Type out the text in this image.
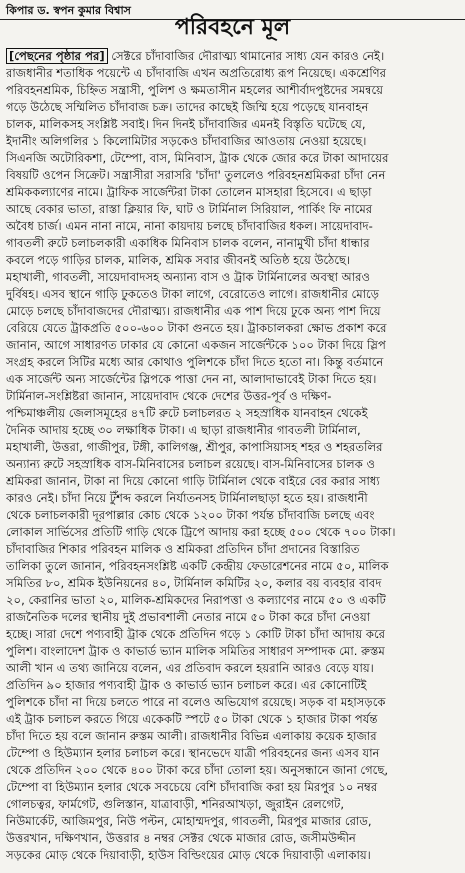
কিপার ড. স্বপন কুমার বিশ্বাস
পরিবহনে মূল
[পেছনের পৃষ্ঠার পর] সেক্টরে চাঁদাবাজির দৌরাত্ম্য থামানোর সাধ্য যেন কারও নেই।
রাজধানীর শতাধিক পয়েন্টে এ চাঁদাবাজি এখন অপ্রতিরোধ্য রূপ নিয়েছে। একশ্রেণির
পরিবহনশ্রমিক, চিহ্নিত সন্ত্রাসী, পুলিশ ও ক্ষমতাসীন মহলের আশীর্বাদপুষ্টদের সমন্বয়ে
গড়ে উঠেছে সম্মিলিত চাঁদাবাজ চক্র। তাদের কাছেই জিম্মি হয়ে পড়েছে যানবাহন
চালক, মালিকসহ সংশ্লিষ্ট সবাই। দিন দিনই চাঁদাবাজির এমনই বিস্তৃতি ঘটেছে যে,
ইদানীং অলিগলির ১ কিলোমিটার সড়কেও চাঁদাবাজির আওতায় নেওয়া হয়েছে।
সিএনজি অটোরিকশা, টেম্পো, বাস, মিনিবাস, ট্রাক থেকে জোর করে টাকা আদায়ের
বিষয়টি ওপেন সিক্রেট। সন্ত্রাসীরা সরাসরি 'চাঁদা' তুললেও পরিবহনশ্রমিকরা চাঁদা নেন
শ্রমিককল্যাণের নামে। ট্রাফিক সার্জেন্টরা টাকা তোলেন মাসহারা হিসেবে। এ ছাড়া
আছে বেকার ভাতা, রাস্তা ক্লিয়ার ফি, ঘাট ও টার্মিনাল সিরিয়াল, পার্কিং ফি নামের
অবৈধ চার্জ। এমন নানা নামে, নানা কায়দায় চলছে চাঁদাবাজির ধকল। সায়েদাবাদ-
গাবতলী রুটে চলাচলকারী একাধিক মিনিবাস চালক বলেন, নানামুখী চাঁদা ধান্ধার
কবলে পড়ে গাড়ির চালক, মালিক, শ্রমিক সবার জীবনই অতিষ্ঠ হয়ে উঠেছে।
মহাখালী, গাবতলী, সায়েদাবাদসহ অন্যান্য বাস ও ট্রাক টার্মিনালের অবস্থা আরও
দুর্বিষহ। এসব স্থানে গাড়ি ঢুকতেও টাকা লাগে, বেরোতেও লাগে। রাজধানীর মোড়ে
মোড়ে চলছে চাঁদাবাজদের দৌরাত্ম্য। রাজধানীর এক পাশ দিয়ে ঢুকে অন্য পাশ দিয়ে
বেরিয়ে যেতে ট্রাকপ্রতি ৫০০-৬০০ টাকা গুনতে হয়। ট্রাকচালকরা ক্ষোভ প্রকাশ করে
জানান, আগে সাধারণত ঢাকার যে কোনো একজন সার্জেন্টকে ১০০ টাকা দিয়ে স্লিপ
সংগ্রহ করলে সিটির মধ্যে আর কোথাও পুলিশকে চাঁদা দিতে হতো না। কিন্তু বর্তমানে
এক সার্জেন্ট অন্য সার্জেন্টের স্লিপকে পাত্তা দেন না, আলাদাভাবেই টাকা দিতে হয়।
টার্মিনাল-সংশ্লিষ্টরা জানান, সায়েদাবাদ থেকে দেশের উত্তর-পূর্ব ও দক্ষিণ-
পশ্চিমাঞ্চলীয় জেলাসমূহের ৪৭টি রুটে চলাচলরত ২ সহস্রাধিক যানবাহন থেকেই
দৈনিক আদায় হচ্ছে ৩০ লক্ষাধিক টাকা। এ ছাড়া রাজধানীর গাবতলী টার্মিনাল,
মহাখালী, উত্তরা, গাজীপুর, টঙ্গী, কালিগঞ্জ, শ্রীপুর, কাপাসিয়াসহ শহর ও শহরতলির
অন্যান্য রুটে সহস্রাধিক বাস-মিনিবাসের চলাচল রয়েছে। বাস-মিনিবাসের চালক ও
শ্রমিকরা জানান, টাকা না দিয়ে কোনো গাড়ি টার্মিনাল থেকে বাইরে বের করার সাধ্য
কারও নেই। চাঁদা নিয়ে টুঁশব্দ করলে নির্যাতনসহ টার্মিনালছাড়া হতে হয়। রাজধানী
থেকে চলাচলকারী দূরপাল্লার কোচ থেকে ১২০০ টাকা পর্যন্ত চাঁদাবাজি চলছে এবং
লোকাল সার্ভিসের প্রতিটি গাড়ি থেকে ট্রিপে আদায় করা হচ্ছে ৫০০ থেকে ৭০০ টাকা।
চাঁদাবাজির শিকার পরিবহন মালিক ও শ্রমিকরা প্রতিদিন চাঁদা প্রদানের বিস্তারিত
তালিকা তুলে জানান, পরিবহনসংশ্লিষ্ট একটি কেন্দ্রীয় ফেডারেশনের নামে ৫০, মালিক
সমিতির ৮০, শ্রমিক ইউনিয়নের ৪০, টার্মিনাল কমিটির ২০, কলার বয় ব্যবহার বাবদ
২০, কেরানির ভাতা ২০, মালিক-শ্রমিকদের নিরাপত্তা ও কল্যাণের নামে ৫০ ও একটি
রাজনৈতিক দলের স্থানীয় দুই প্রভাবশালী নেতার নামে ৫০ টাকা করে চাঁদা নেওয়া
হচ্ছে। সারা দেশে পণ্যবাহী ট্রাক থেকে প্রতিদিন গড়ে ১ কোটি টাকা চাঁদা আদায় করে
পুলিশ। বাংলাদেশ ট্রাক ও কাভার্ড ভ্যান মালিক সমিতির সাধারণ সম্পাদক মো. রুস্তম
আলী খান এ তথ্য জানিয়ে বলেন, এর প্রতিবাদ করলে হয়রানি আরও বেড়ে যায়।
প্রতিদিন ৯০ হাজার পণ্যবাহী ট্রাক ও কাভার্ড ভ্যান চলাচল করে। এর কোনোটিই
পুলিশকে চাঁদা না দিয়ে চলতে পারে না বলেও অভিযোগ রয়েছে। সড়ক বা মহাসড়কে
এই ট্রাক চলাচল করতে গিয়ে একেকটি স্পটে ৫০ টাকা থেকে ১ হাজার টাকা পর্যন্ত
চাঁদা দিতে হয় বলে জানান রুস্তম আলী। রাজধানীর বিভিন্ন এলাকায় কয়েক হাজার
টেম্পো ও হিউম্যান হলার চলাচল করে। স্থানভেদে যাত্রী পরিবহনের জন্য এসব যান
থেকে প্রতিদিন ২০০ থেকে ৪০০ টাকা করে চাঁদা তোলা হয়। অনুসন্ধানে জানা গেছে,
টেম্পো বা হিউম্যান হলার থেকে সবচেয়ে বেশি চাঁদাবাজি করা হয় মিরপুর ১০ নম্বর
গোলচত্বর, ফার্মগেট, গুলিস্তান, যাত্রাবাড়ী, শনিরআখড়া, জুরাইন রেলগেট,
নিউমার্কেট, আজিমপুর, নিউ পল্টন, মোহাম্মদপুর, গাবতলী, মিরপুর মাজার রোড,
উত্তরখান, দক্ষিণখান, উত্তরার ৪ নম্বর সেক্টর থেকে মাজার রোড, জসীমউদ্দীন
সড়কের মোড় থেকে দিয়াবাড়ী, হাউস বিল্ডিংয়ের মোড় থেকে দিয়াবাড়ী এলাকায়।
